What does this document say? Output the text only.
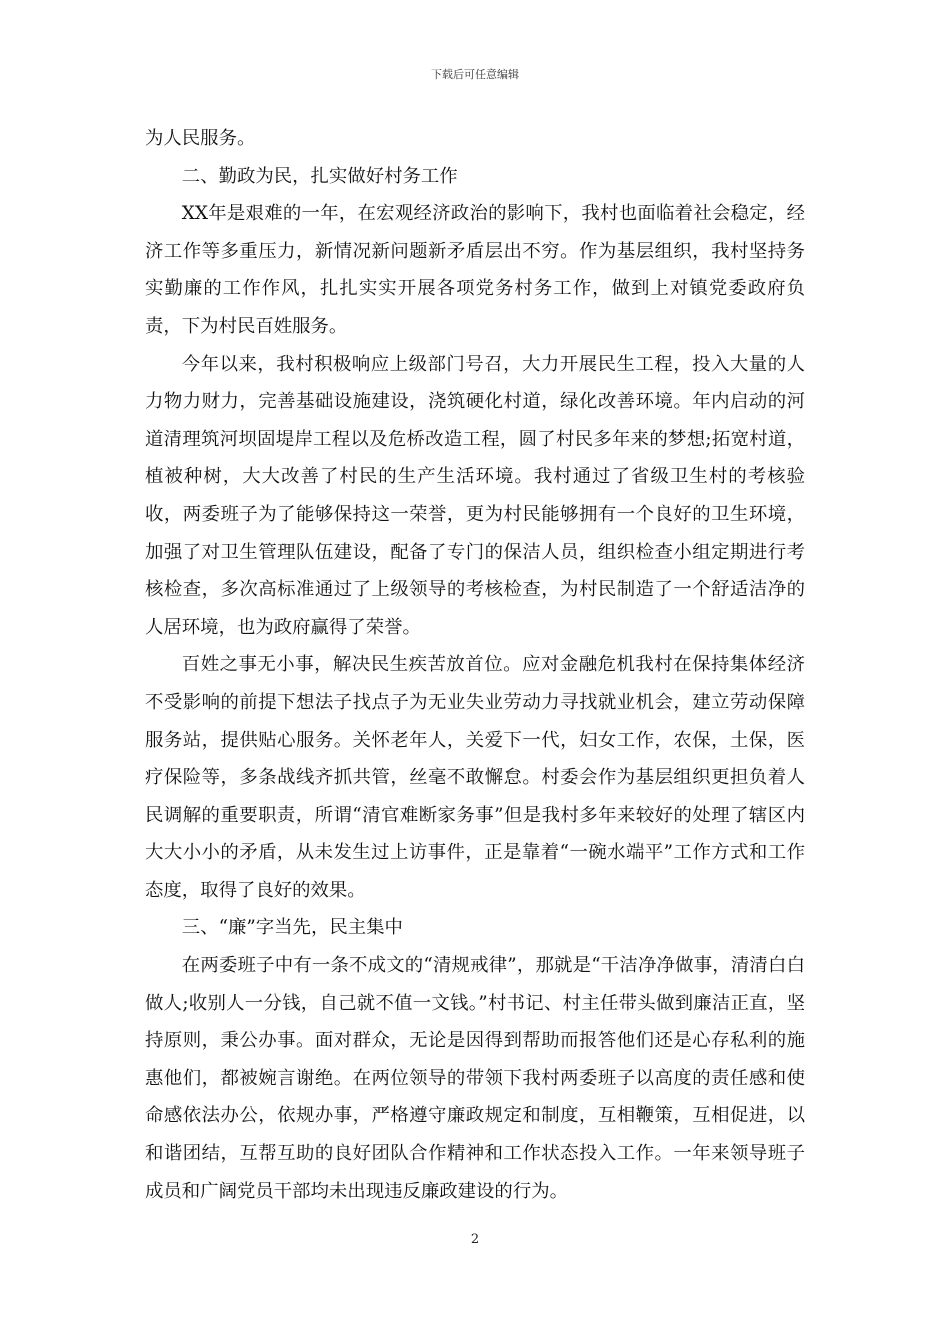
下载后可任意编辑

为人民服务。

二、勤政为民，扎实做好村务工作

XX年是艰难的一年，在宏观经济政治的影响下，我村也面临着社会稳定，经济工作等多重压力，新情况新问题新矛盾层出不穷。作为基层组织，我村坚持务实勤廉的工作作风，扎扎实实开展各项党务村务工作，做到上对镇党委政府负责，下为村民百姓服务。

今年以来，我村积极响应上级部门号召，大力开展民生工程，投入大量的人力物力财力，完善基础设施建设，浇筑硬化村道，绿化改善环境。年内启动的河道清理筑河坝固堤岸工程以及危桥改造工程，圆了村民多年来的梦想;拓宽村道，植被种树，大大改善了村民的生产生活环境。我村通过了省级卫生村的考核验收，两委班子为了能够保持这一荣誉，更为村民能够拥有一个良好的卫生环境，加强了对卫生管理队伍建设，配备了专门的保洁人员，组织检查小组定期进行考核检查，多次高标准通过了上级领导的考核检查，为村民制造了一个舒适洁净的人居环境，也为政府赢得了荣誉。

百姓之事无小事，解决民生疾苦放首位。应对金融危机我村在保持集体经济不受影响的前提下想法子找点子为无业失业劳动力寻找就业机会，建立劳动保障服务站，提供贴心服务。关怀老年人，关爱下一代，妇女工作，农保，土保，医疗保险等，多条战线齐抓共管，丝毫不敢懈怠。村委会作为基层组织更担负着人民调解的重要职责，所谓“清官难断家务事”但是我村多年来较好的处理了辖区内大大小小的矛盾，从未发生过上访事件，正是靠着“一碗水端平”工作方式和工作态度，取得了良好的效果。

三、“廉”字当先，民主集中

在两委班子中有一条不成文的“清规戒律”，那就是“干洁净净做事，清清白白做人;收别人一分钱，自己就不值一文钱。”村书记、村主任带头做到廉洁正直，坚持原则，秉公办事。面对群众，无论是因得到帮助而报答他们还是心存私利的施惠他们，都被婉言谢绝。在两位领导的带领下我村两委班子以高度的责任感和使命感依法办公，依规办事，严格遵守廉政规定和制度，互相鞭策，互相促进，以和谐团结，互帮互助的良好团队合作精神和工作状态投入工作。一年来领导班子成员和广阔党员干部均未出现违反廉政建设的行为。

2
